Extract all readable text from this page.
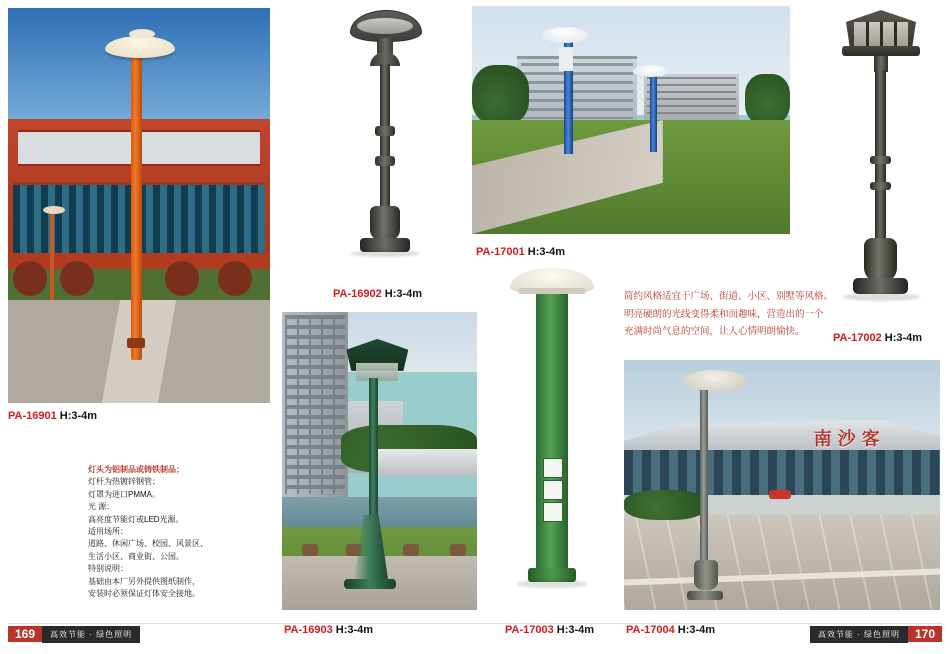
PA-16901 H:3-4m
PA-16902 H:3-4m
PA-17001 H:3-4m
PA-17002 H:3-4m
PA-16903 H:3-4m	PA-17003 H:3-4m
南沙客
PA-17004 H:3-4m
灯头为铝制品或铸铁制品；
灯杆为热镀锌钢管；
灯罩为进口PMMA。
光 源：
高亮度节能灯或LED光源。
适用场所：
道路、休闲广场、校园、风景区、
生活小区、商业街、公园。
特别说明：
基础由本厂另外提供图纸制作，
安装时必须保证灯体安全接地。
简约风格适宜于广场、街道、小区、别墅等风格。
明亮硬朗的光线变得柔和而趣味，营造出的一个
充满时尚气息的空间，让人心情明朗愉快。
169	高效节能 · 绿色照明	高效节能 · 绿色照明	170
